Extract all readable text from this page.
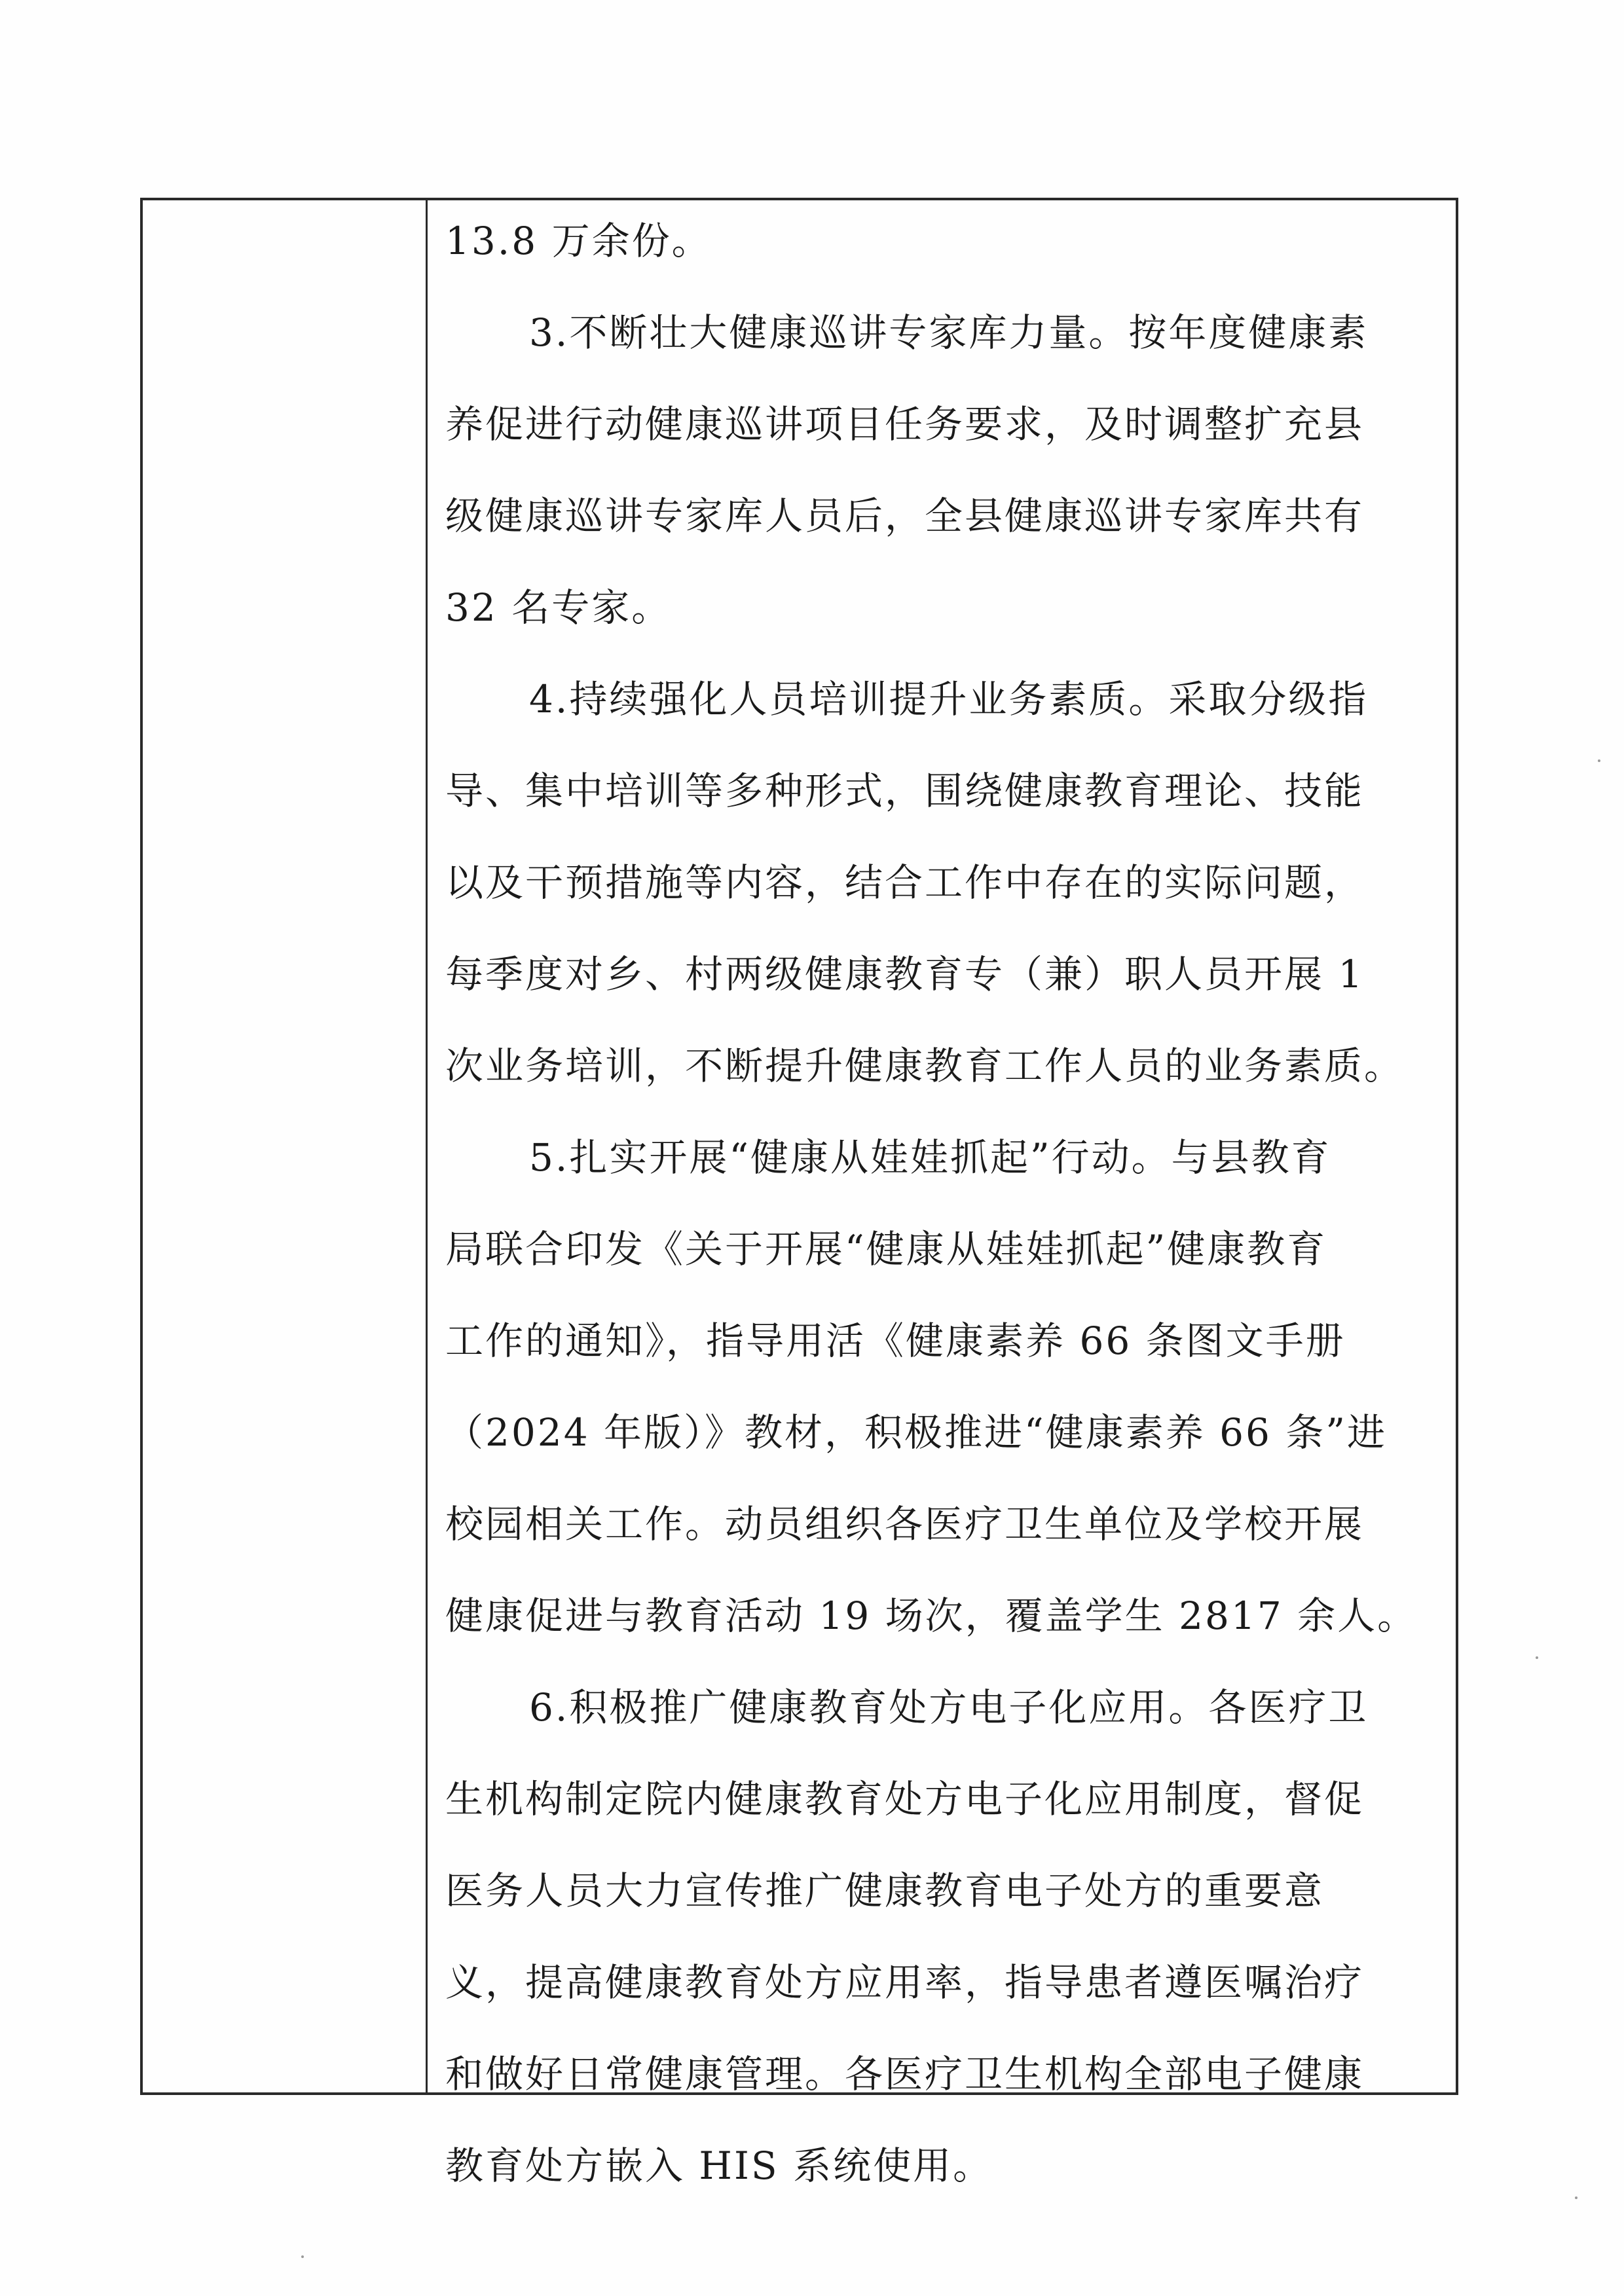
13.8 万余份。
3.不断壮大健康巡讲专家库力量。按年度健康素
养促进行动健康巡讲项目任务要求，及时调整扩充县
级健康巡讲专家库人员后，全县健康巡讲专家库共有
32 名专家。
4.持续强化人员培训提升业务素质。采取分级指
导、集中培训等多种形式，围绕健康教育理论、技能
以及干预措施等内容，结合工作中存在的实际问题，
每季度对乡、村两级健康教育专（兼）职人员开展 1
次业务培训，不断提升健康教育工作人员的业务素质。
5.扎实开展“健康从娃娃抓起”行动。与县教育
局联合印发《关于开展“健康从娃娃抓起”健康教育
工作的通知》，指导用活《健康素养 66 条图文手册
（2024 年版）》教材，积极推进“健康素养 66 条”进
校园相关工作。动员组织各医疗卫生单位及学校开展
健康促进与教育活动 19 场次，覆盖学生 2817 余人。
6.积极推广健康教育处方电子化应用。各医疗卫
生机构制定院内健康教育处方电子化应用制度，督促
医务人员大力宣传推广健康教育电子处方的重要意
义，提高健康教育处方应用率，指导患者遵医嘱治疗
和做好日常健康管理。各医疗卫生机构全部电子健康
教育处方嵌入 HIS 系统使用。
